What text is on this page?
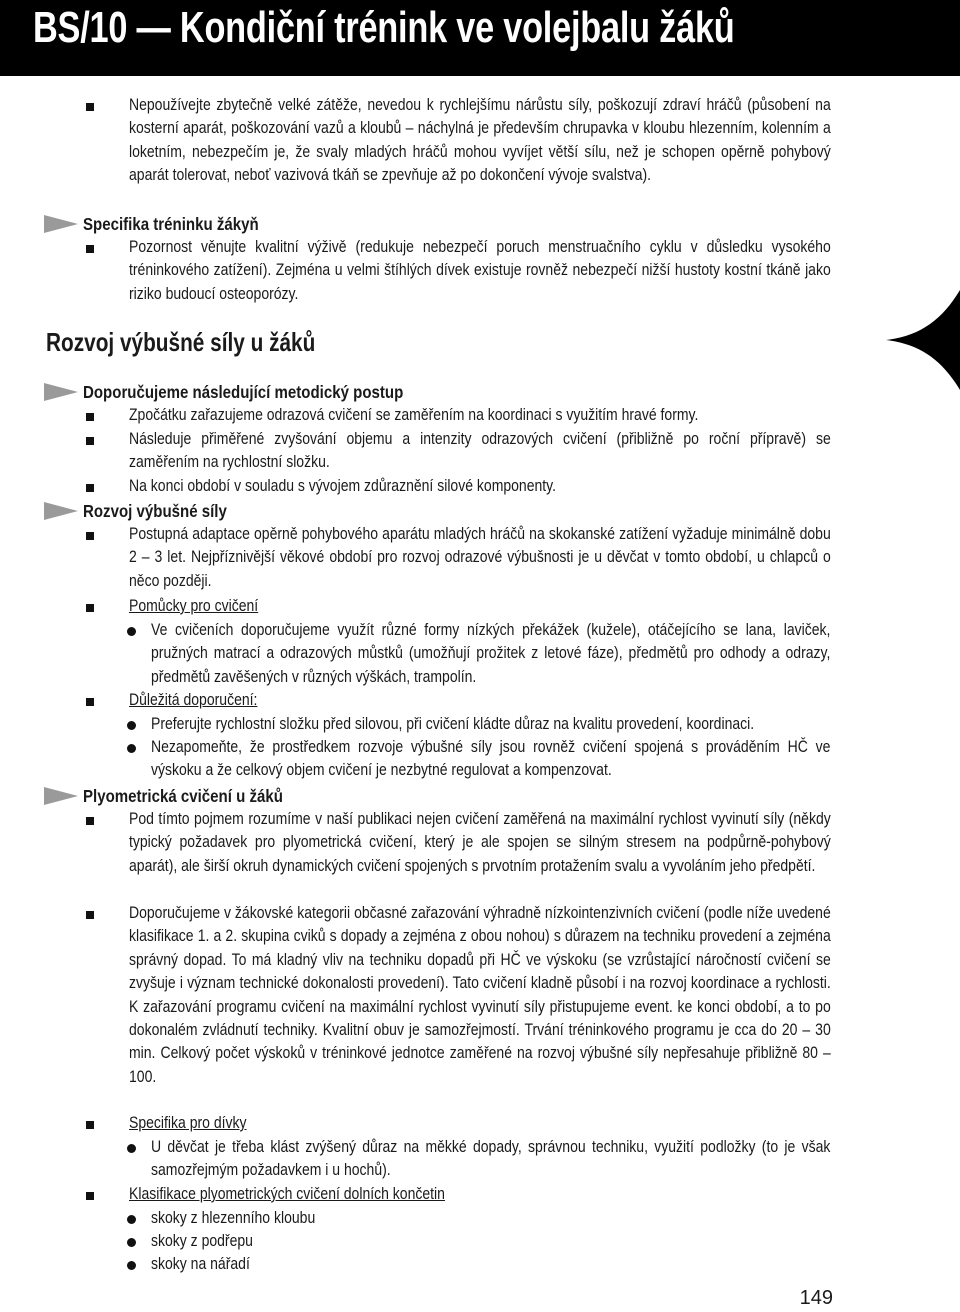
BS/10 — Kondiční trénink ve volejbalu žáků
Nepoužívejte zbytečně velké zátěže, nevedou k rychlejšímu nárůstu síly, poškozují zdraví hráčů (působení na kosterní aparát, poškozování vazů a kloubů – náchylná je především chrupavka v kloubu hlezenním, kolenním a loketním, nebezpečím je, že svaly mladých hráčů mohou vyvíjet větší sílu, než je schopen opěrně pohybový aparát tolerovat, neboť vazivová tkáň se zpevňuje až po dokončení vývoje svalstva).
Specifika tréninku žákyň
Pozornost věnujte kvalitní výživě (redukuje nebezpečí poruch menstruačního cyklu v důsledku vysokého tréninkového zatížení). Zejména u velmi štíhlých dívek existuje rovněž nebezpečí nižší hustoty kostní tkáně jako riziko budoucí osteoporózy.
Rozvoj výbušné síly u žáků
Doporučujeme následující metodický postup
Zpočátku zařazujeme odrazová cvičení se zaměřením na koordinaci s využitím hravé formy.
Následuje přiměřené zvyšování objemu a intenzity odrazových cvičení (přibližně po roční přípravě) se zaměřením na rychlostní složku.
Na konci období v souladu s vývojem zdůraznění silové komponenty.
Rozvoj výbušné síly
Postupná adaptace opěrně pohybového aparátu mladých hráčů na skokanské zatížení vyžaduje minimálně dobu 2 – 3 let. Nejpříznivější věkové období pro rozvoj odrazové výbušnosti je u děvčat v tomto období, u chlapců o něco později.
Pomůcky pro cvičení
Ve cvičeních doporučujeme využít různé formy nízkých překážek (kužele), otáčejícího se lana, laviček, pružných matrací a odrazových můstků (umožňují prožitek z letové fáze), předmětů pro odhody a odrazy, předmětů zavěšených v různých výškách, trampolín.
Důležitá doporučení:
Preferujte rychlostní složku před silovou, při cvičení kládte důraz na kvalitu provedení, koordinaci.
Nezapomeňte, že prostředkem rozvoje výbušné síly jsou rovněž cvičení spojená s prováděním HČ ve výskoku a že celkový objem cvičení je nezbytné regulovat a kompenzovat.
Plyometrická cvičení u žáků
Pod tímto pojmem rozumíme v naší publikaci nejen cvičení zaměřená na maximální rychlost vyvinutí síly (někdy typický požadavek pro plyometrická cvičení, který je ale spojen se silným stresem na podpůrně-pohybový aparát), ale širší okruh dynamických cvičení spojených s prvotním protažením svalu a vyvoláním jeho předpětí.
Doporučujeme v žákovské kategorii občasné zařazování výhradně nízkointenzivních cvičení (podle níže uvedené klasifikace 1. a 2. skupina cviků s dopady a zejména z obou nohou) s důrazem na techniku provedení a zejména správný dopad. To má kladný vliv na techniku dopadů při HČ ve výskoku (se vzrůstající náročností cvičení se zvyšuje i význam technické dokonalosti provedení). Tato cvičení kladně působí i na rozvoj koordinace a rychlosti. K zařazování programu cvičení na maximální rychlost vyvinutí síly přistupujeme event. ke konci období, a to po dokonalém zvládnutí techniky. Kvalitní obuv je samozřejmostí. Trvání tréninkového programu je cca do 20 – 30 min. Celkový počet výskoků v tréninkové jednotce zaměřené na rozvoj výbušné síly nepřesahuje přibližně 80 – 100.
Specifika pro dívky
U děvčat je třeba klást zvýšený důraz na měkké dopady, správnou techniku, využití podložky (to je však samozřejmým požadavkem i u hochů).
Klasifikace plyometrických cvičení dolních končetin
skoky z hlezenního kloubu
skoky z podřepu
skoky na nářadí
149
